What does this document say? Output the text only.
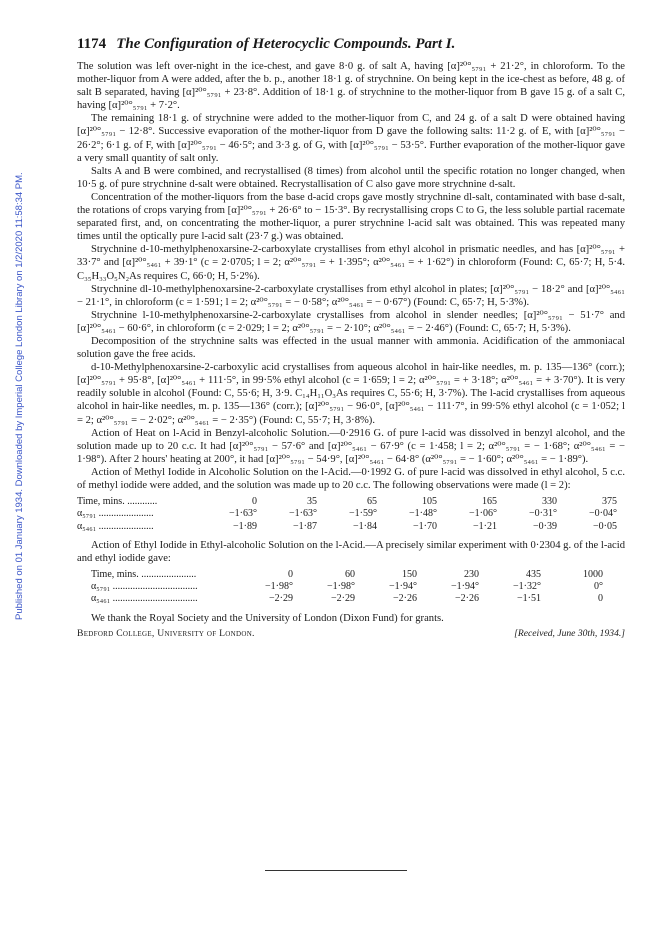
Published on 01 January 1934. Downloaded by Imperial College London Library on 1/2/2020 11:58:34 PM.
1174 The Configuration of Heterocyclic Compounds. Part I.

The solution was left over-night in the ice-chest, and gave 8·0 g. of salt A, having [α]²⁰°₅₇₉₁ + 21·2°, in chloroform. To the mother-liquor from A were added, after the b. p., another 18·1 g. of strychnine. On being kept in the ice-chest as before, 48 g. of salt B separated, having [α]²⁰°₅₇₉₁ + 23·8°. Addition of 18·1 g. of strychnine to the mother-liquor from B gave 15 g. of a salt C, having [α]²⁰°₅₇₉₁ + 7·2°.

The remaining 18·1 g. of strychnine were added to the mother-liquor from C, and 24 g. of a salt D were obtained having [α]²⁰°₅₇₉₁ − 12·8°. Successive evaporation of the mother-liquor from D gave the following salts: 11·2 g. of E, with [α]²⁰°₅₇₉₁ − 26·2°; 6·1 g. of F, with [α]²⁰°₅₇₉₁ − 46·5°; and 3·3 g. of G, with [α]²⁰°₅₇₉₁ − 53·5°. Further evaporation of the mother-liquor gave a very small quantity of salt only.

Salts A and B were combined, and recrystallised (8 times) from alcohol until the specific rotation no longer changed, when 10·5 g. of pure strychnine d-salt were obtained. Recrystallisation of C also gave more strychnine d-salt.

Concentration of the mother-liquors from the base d-acid crops gave mostly strychnine dl-salt, contaminated with base d-salt, the rotations of crops varying from [α]²⁰°₅₇₉₁ + 26·6° to − 15·3°. By recrystallising crops C to G, the less soluble partial racemate separated first, and, on concentrating the mother-liquor, a purer strychnine l-acid salt was obtained. This was repeated many times until the optically pure l-acid salt (23·7 g.) was obtained.

Strychnine d-10-methylphenoxarsine-2-carboxylate crystallises from ethyl alcohol in prismatic needles, and has [α]²⁰°₅₇₉₁ + 33·7° and [α]²⁰°₅₄₆₁ + 39·1° (c = 2·0705; l = 2; α²⁰°₅₇₉₁ = + 1·395°; α²⁰°₅₄₆₁ = + 1·62°) in chloroform (Found: C, 65·7; H, 5·4. C₃₅H₃₃O₅N₂As requires C, 66·0; H, 5·2%).

Strychnine dl-10-methylphenoxarsine-2-carboxylate crystallises from ethyl alcohol in plates; [α]²⁰°₅₇₉₁ − 18·2° and [α]²⁰°₅₄₆₁ − 21·1°, in chloroform (c = 1·591; l = 2; α²⁰°₅₇₉₁ = − 0·58°; α²⁰°₅₄₆₁ = − 0·67°) (Found: C, 65·7; H, 5·3%).

Strychnine l-10-methylphenoxarsine-2-carboxylate crystallises from alcohol in slender needles; [α]²⁰°₅₇₉₁ − 51·7° and [α]²⁰°₅₄₆₁ − 60·6°, in chloroform (c = 2·029; l = 2; α²⁰°₅₇₉₁ = − 2·10°; α²⁰°₅₄₆₁ = − 2·46°) (Found: C, 65·7; H, 5·3%).

Decomposition of the strychnine salts was effected in the usual manner with ammonia. Acidification of the ammoniacal solution gave the free acids.

d-10-Methylphenoxarsine-2-carboxylic acid crystallises from aqueous alcohol in hair-like needles, m. p. 135—136° (corr.); [α]²⁰°₅₇₉₁ + 95·8°, [α]²⁰°₅₄₆₁ + 111·5°, in 99·5% ethyl alcohol (c = 1·659; l = 2; α²⁰°₅₇₉₁ = + 3·18°; α²⁰°₅₄₆₁ = + 3·70°). It is very readily soluble in alcohol (Found: C, 55·6; H, 3·9. C₁₄H₁₁O₃As requires C, 55·6; H, 3·7%). The l-acid crystallises from aqueous alcohol in hair-like needles, m. p. 135—136° (corr.); [α]²⁰°₅₇₉₁ − 96·0°, [α]²⁰°₅₄₆₁ − 111·7°, in 99·5% ethyl alcohol (c = 1·052; l = 2; α²⁰°₅₇₉₁ = − 2·02°; α²⁰°₅₄₆₁ = − 2·35°) (Found: C, 55·7; H, 3·8%).

Action of Heat on l-Acid in Benzyl-alcoholic Solution.—0·2916 G. of pure l-acid was dissolved in benzyl alcohol, and the solution made up to 20 c.c. It had [α]²⁰°₅₇₉₁ − 57·6° and [α]²⁰°₅₄₆₁ − 67·9° (c = 1·458; l = 2; α²⁰°₅₇₉₁ = − 1·68°; α²⁰°₅₄₆₁ = − 1·98°). After 2 hours' heating at 200°, it had [α]²⁰°₅₇₉₁ − 54·9°, [α]²⁰°₅₄₆₁ − 64·8° (α²⁰°₅₇₉₁ = − 1·60°; α²⁰°₅₄₆₁ = − 1·89°).

Action of Methyl Iodide in Alcoholic Solution on the l-Acid.—0·1992 G. of pure l-acid was dissolved in ethyl alcohol, 5 c.c. of methyl iodide were added, and the solution was made up to 20 c.c. The following observations were made (l = 2):

Time, mins. ............	0	35	65	105	165	330	375
α₅₇₉₁ ......................	−1·63°	−1·63°	−1·59°	−1·48°	−1·06°	−0·31°	−0·04°
α₅₄₆₁ ......................	−1·89	−1·87	−1·84	−1·70	−1·21	−0·39	−0·05

Action of Ethyl Iodide in Ethyl-alcoholic Solution on the l-Acid.—A precisely similar experiment with 0·2304 g. of the l-acid and ethyl iodide gave:

Time, mins. ......................	0	60	150	230	435	1000
α₅₇₉₁ ..................................	−1·98°	−1·98°	−1·94°	−1·94°	−1·32°	0°
α₅₄₆₁ ..................................	−2·29	−2·29	−2·26	−2·26	−1·51	0

We thank the Royal Society and the University of London (Dixon Fund) for grants.

Bedford College, University of London.	[Received, June 30th, 1934.]
